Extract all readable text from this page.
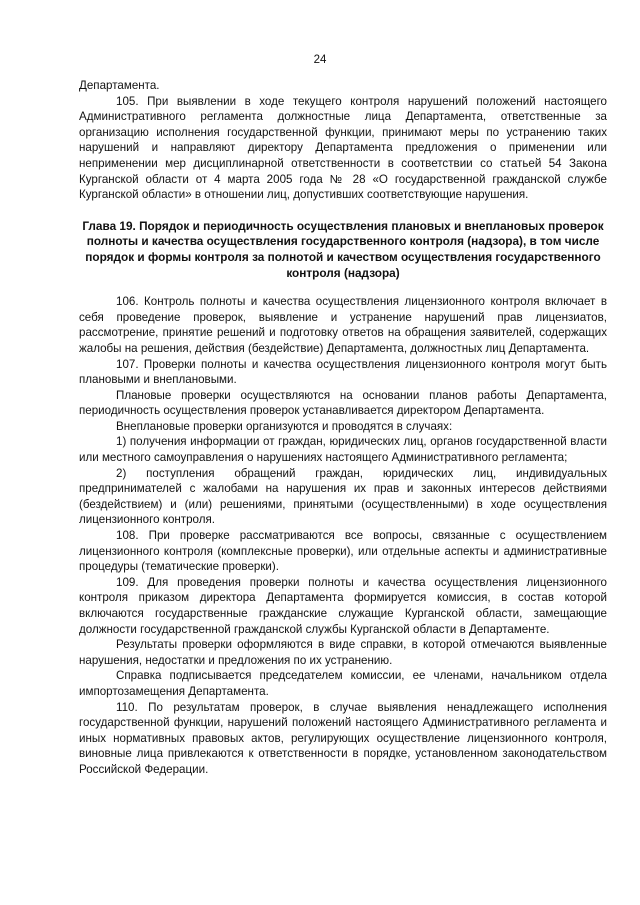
24

Департамента.

105. При выявлении в ходе текущего контроля нарушений положений настоящего Административного регламента должностные лица Департамента, ответственные за организацию исполнения государственной функции, принимают меры по устранению таких нарушений и направляют директору Департамента предложения о применении или неприменении мер дисциплинарной ответственности в соответствии со статьей 54 Закона Курганской области от 4 марта 2005 года № 28 «О государственной гражданской службе Курганской области» в отношении лиц, допустивших соответствующие нарушения.

Глава 19. Порядок и периодичность осуществления плановых и внеплановых проверок полноты и качества осуществления государственного контроля (надзора), в том числе порядок и формы контроля за полнотой и качеством осуществления государственного контроля (надзора)

106. Контроль полноты и качества осуществления лицензионного контроля включает в себя проведение проверок, выявление и устранение нарушений прав лицензиатов, рассмотрение, принятие решений и подготовку ответов на обращения заявителей, содержащих жалобы на решения, действия (бездействие) Департамента, должностных лиц Департамента.

107. Проверки полноты и качества осуществления лицензионного контроля могут быть плановыми и внеплановыми.

Плановые проверки осуществляются на основании планов работы Департамента, периодичность осуществления проверок устанавливается директором Департамента.

Внеплановые проверки организуются и проводятся в случаях:

1) получения информации от граждан, юридических лиц, органов государственной власти или местного самоуправления о нарушениях настоящего Административного регламента;

2) поступления обращений граждан, юридических лиц, индивидуальных предпринимателей с жалобами на нарушения их прав и законных интересов действиями (бездействием) и (или) решениями, принятыми (осуществленными) в ходе осуществления лицензионного контроля.

108. При проверке рассматриваются все вопросы, связанные с осуществлением лицензионного контроля (комплексные проверки), или отдельные аспекты и административные процедуры (тематические проверки).

109. Для проведения проверки полноты и качества осуществления лицензионного контроля приказом директора Департамента формируется комиссия, в состав которой включаются государственные гражданские служащие Курганской области, замещающие должности государственной гражданской службы Курганской области в Департаменте.

Результаты проверки оформляются в виде справки, в которой отмечаются выявленные нарушения, недостатки и предложения по их устранению.

Справка подписывается председателем комиссии, ее членами, начальником отдела импортозамещения Департамента.

110. По результатам проверок, в случае выявления ненадлежащего исполнения государственной функции, нарушений положений настоящего Административного регламента и иных нормативных правовых актов, регулирующих осуществление лицензионного контроля, виновные лица привлекаются к ответственности в порядке, установленном законодательством Российской Федерации.
